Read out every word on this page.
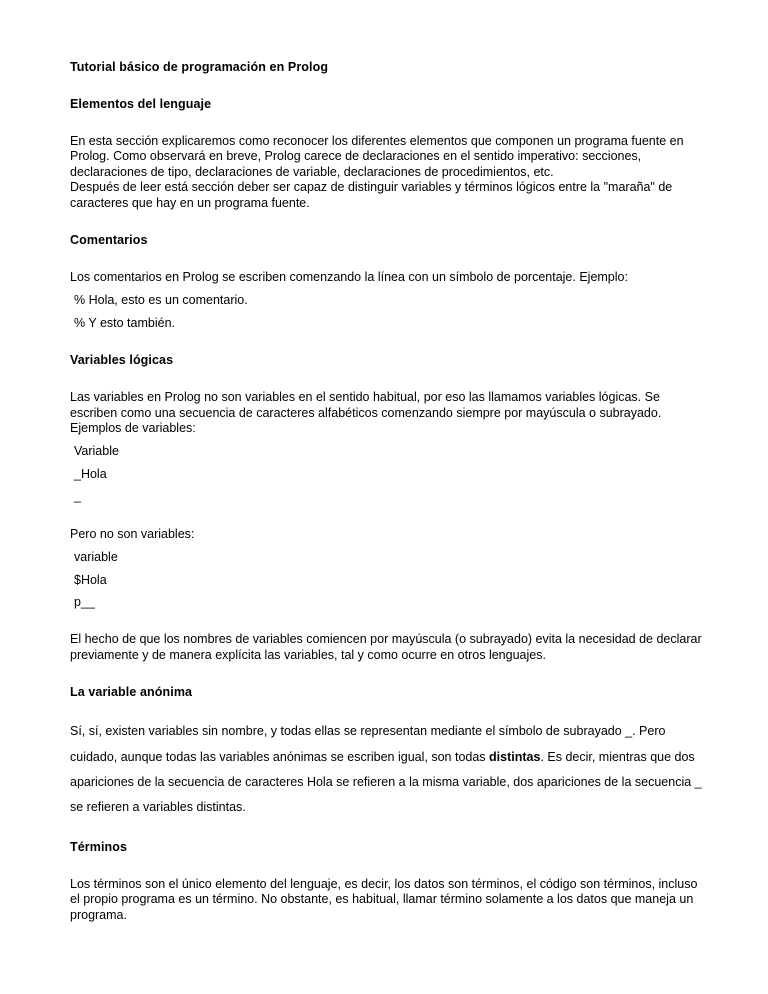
Tutorial básico de programación en Prolog
Elementos del lenguaje

En esta sección explicaremos como reconocer los diferentes elementos que componen un programa fuente en Prolog. Como observará en breve, Prolog carece de declaraciones en el sentido imperativo: secciones, declaraciones de tipo, declaraciones de variable, declaraciones de procedimientos, etc.

Después de leer está sección deber ser capaz de distinguir variables y términos lógicos entre la "maraña" de caracteres que hay en un programa fuente.

Comentarios

Los comentarios en Prolog se escriben comenzando la línea con un símbolo de porcentaje. Ejemplo:

% Hola, esto es un comentario.
% Y esto también.
Variables lógicas

Las variables en Prolog no son variables en el sentido habitual, por eso las llamamos variables lógicas. Se escriben como una secuencia de caracteres alfabéticos comenzando siempre por mayúscula o subrayado. Ejemplos de variables:

Variable
_Hola
_

Pero no son variables:

variable
$Hola
p__

El hecho de que los nombres de variables comiencen por mayúscula (o subrayado) evita la necesidad de declarar previamente y de manera explícita las variables, tal y como ocurre en otros lenguajes.

La variable anónima

Sí, sí, existen variables sin nombre, y todas ellas se representan mediante el símbolo de subrayado _. Pero cuidado, aunque todas las variables anónimas se escriben igual, son todas distintas. Es decir, mientras que dos apariciones de la secuencia de caracteres Hola se refieren a la misma variable, dos apariciones de la secuencia _ se refieren a variables distintas.

Términos

Los términos son el único elemento del lenguaje, es decir, los datos son términos, el código son términos, incluso el propio programa es un término. No obstante, es habitual, llamar término solamente a los datos que maneja un programa.
